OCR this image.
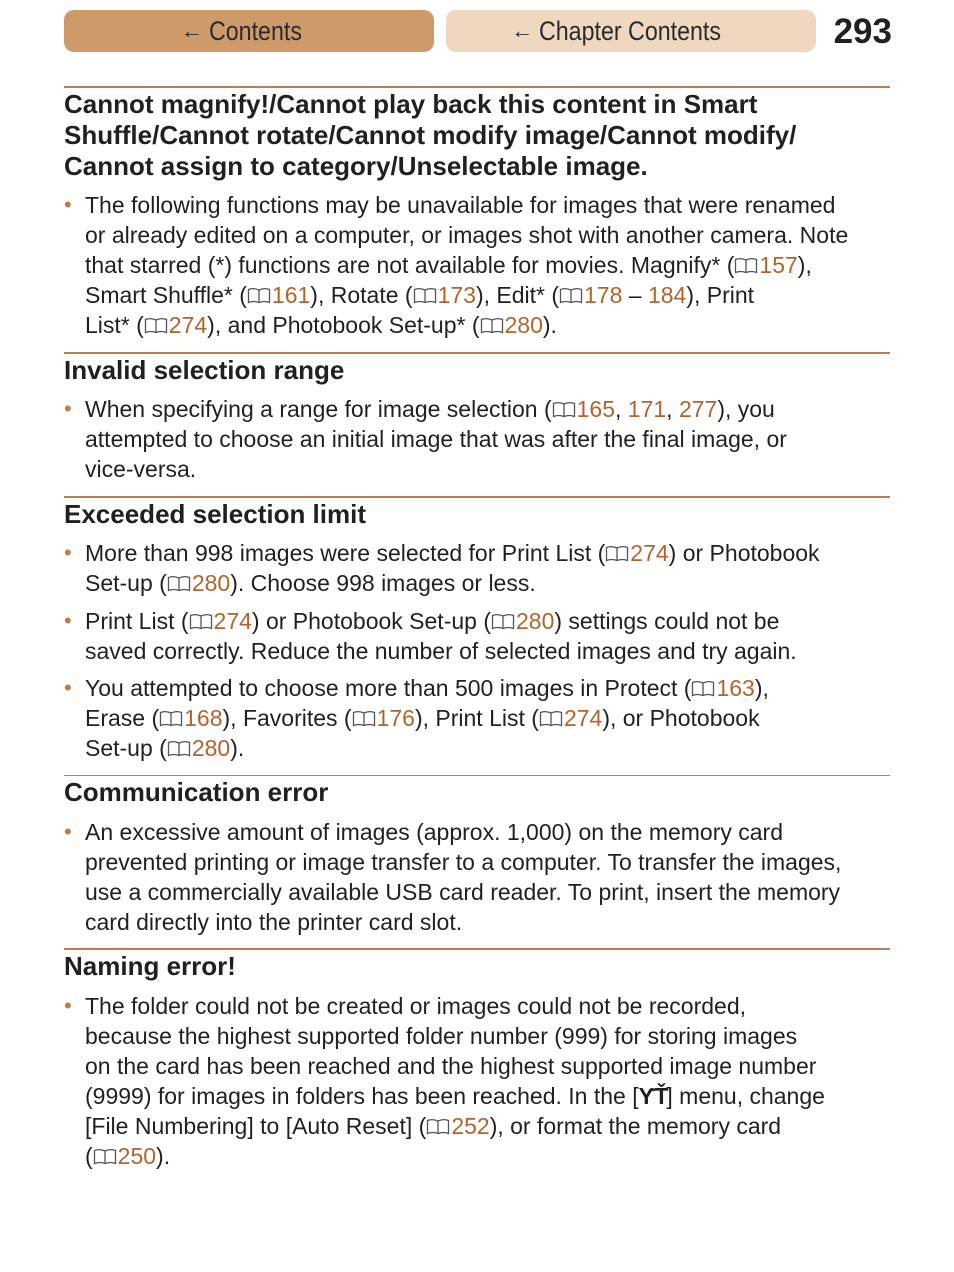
← Contents	← Chapter Contents	293
Cannot magnify!/Cannot play back this content in Smart
Shuffle/Cannot rotate/Cannot modify image/Cannot modify/
Cannot assign to category/Unselectable image.
• The following functions may be unavailable for images that were renamed
or already edited on a computer, or images shot with another camera. Note
that starred (*) functions are not available for movies. Magnify* ( 157),
Smart Shuffle* ( 161), Rotate ( 173), Edit* ( 178 – 184), Print
List* ( 274), and Photobook Set-up* ( 280).
Invalid selection range
• When specifying a range for image selection ( 165, 171, 277), you
attempted to choose an initial image that was after the final image, or
vice-versa.
Exceeded selection limit
• More than 998 images were selected for Print List ( 274) or Photobook
Set-up ( 280). Choose 998 images or less.
• Print List ( 274) or Photobook Set-up ( 280) settings could not be
saved correctly. Reduce the number of selected images and try again.
• You attempted to choose more than 500 images in Protect ( 163),
Erase ( 168), Favorites ( 176), Print List ( 274), or Photobook
Set-up ( 280).
Communication error
• An excessive amount of images (approx. 1,000) on the memory card
prevented printing or image transfer to a computer. To transfer the images,
use a commercially available USB card reader. To print, insert the memory
card directly into the printer card slot.
Naming error!
• The folder could not be created or images could not be recorded,
because the highest supported folder number (999) for storing images
on the card has been reached and the highest supported image number
(9999) for images in folders has been reached. In the [ƳŤ] menu, change
[File Numbering] to [Auto Reset] ( 252), or format the memory card
( 250).
